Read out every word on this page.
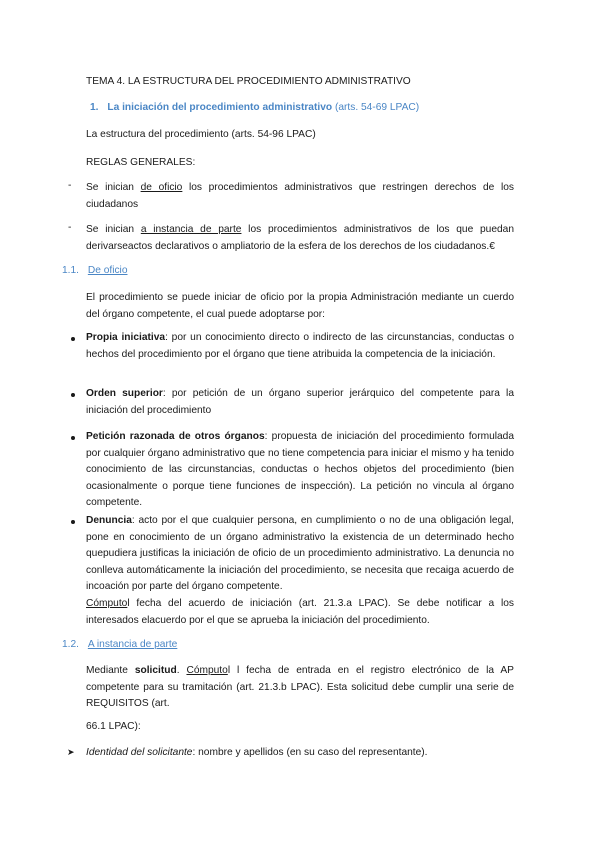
TEMA 4. LA ESTRUCTURA DEL PROCEDIMIENTO ADMINISTRATIVO
1. La iniciación del procedimiento administrativo (arts. 54-69 LPAC)
La estructura del procedimiento (arts. 54-96 LPAC)
REGLAS GENERALES:
- Se inician de oficio los procedimientos administrativos que restringen derechos de los ciudadanos
- Se inician a instancia de parte los procedimientos administrativos de los que puedan derivarseactos declarativos o ampliatorio de la esfera de los derechos de los ciudadanos.€
1.1. De oficio
El procedimiento se puede iniciar de oficio por la propia Administración mediante un cuerdo del órgano competente, el cual puede adoptarse por:
Propia iniciativa: por un conocimiento directo o indirecto de las circunstancias, conductas o hechos del procedimiento por el órgano que tiene atribuida la competencia de la iniciación.
Orden superior: por petición de un órgano superior jerárquico del competente para la iniciación del procedimiento
Petición razonada de otros órganos: propuesta de iniciación del procedimiento formulada por cualquier órgano administrativo que no tiene competencia para iniciar el mismo y ha tenido conocimiento de las circunstancias, conductas o hechos objetos del procedimiento (bien ocasionalmente o porque tiene funciones de inspección). La petición no vincula al órgano competente.
Denuncia: acto por el que cualquier persona, en cumplimiento o no de una obligación legal, pone en conocimiento de un órgano administrativo la existencia de un determinado hecho quepudiera justificas la iniciación de oficio de un procedimiento administrativo. La denuncia no conlleva automáticamente la iniciación del procedimiento, se necesita que recaiga acuerdo de incoación por parte del órgano competente.
Cómputol fecha del acuerdo de iniciación (art. 21.3.a LPAC). Se debe notificar a los interesados elacuerdo por el que se aprueba la iniciación del procedimiento.
1.2. A instancia de parte
Mediante solicitud. Cómputol l fecha de entrada en el registro electrónico de la AP competente para su tramitación (art. 21.3.b LPAC). Esta solicitud debe cumplir una serie de REQUISITOS (art.
66.1 LPAC):
➤ Identidad del solicitante: nombre y apellidos (en su caso del representante).
